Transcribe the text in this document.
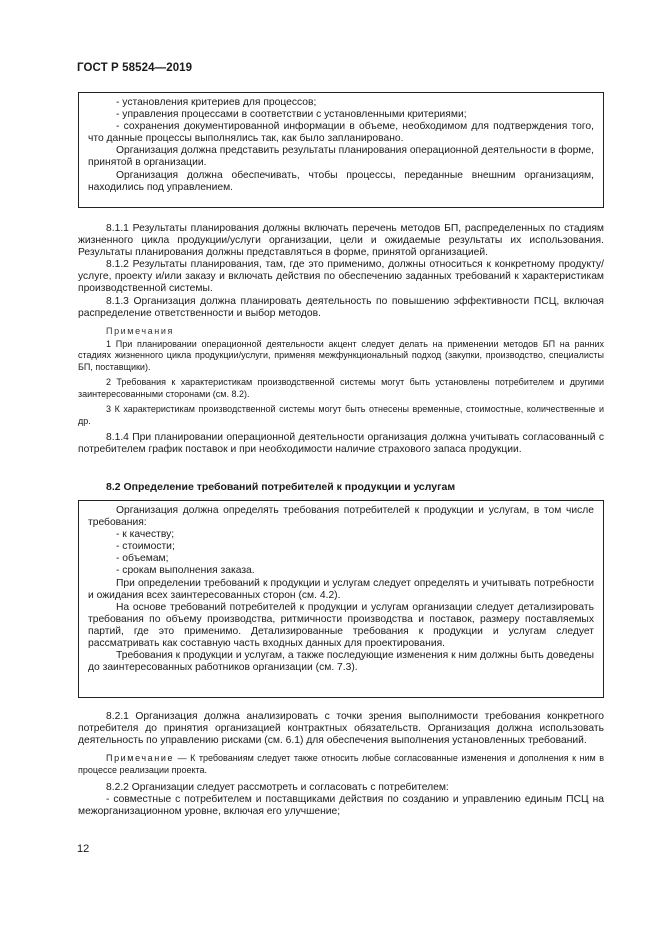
ГОСТ Р 58524—2019

- установления критериев для процессов;

- управления процессами в соответствии с установленными критериями;

- сохранения документированной информации в объеме, необходимом для подтверждения того, что данные процессы выполнялись так, как было запланировано.

Организация должна представить результаты планирования операционной деятельности в форме, принятой в организации.

Организация должна обеспечивать, чтобы процессы, переданные внешним организациям, находились под управлением.

8.1.1 Результаты планирования должны включать перечень методов БП, распределенных по стадиям жизненного цикла продукции/услуги организации, цели и ожидаемые результаты их использования. Результаты планирования должны представляться в форме, принятой организацией.

8.1.2 Результаты планирования, там, где это применимо, должны относиться к конкретному продукту/услуге, проекту и/или заказу и включать действия по обеспечению заданных требований к характеристикам производственной системы.

8.1.3 Организация должна планировать деятельность по повышению эффективности ПСЦ, включая распределение ответственности и выбор методов.

Примечания

1 При планировании операционной деятельности акцент следует делать на применении методов БП на ранних стадиях жизненного цикла продукции/услуги, применяя межфункциональный подход (закупки, производство, специалисты БП, поставщики).

2 Требования к характеристикам производственной системы могут быть установлены потребителем и другими заинтересованными сторонами (см. 8.2).

3 К характеристикам производственной системы могут быть отнесены временные, стоимостные, количественные и др.

8.1.4 При планировании операционной деятельности организация должна учитывать согласованный с потребителем график поставок и при необходимости наличие страхового запаса продукции.

8.2 Определение требований потребителей к продукции и услугам

Организация должна определять требования потребителей к продукции и услугам, в том числе требования:

- к качеству;

- стоимости;

- объемам;

- срокам выполнения заказа.

При определении требований к продукции и услугам следует определять и учитывать потребности и ожидания всех заинтересованных сторон (см. 4.2).

На основе требований потребителей к продукции и услугам организации следует детализировать требования по объему производства, ритмичности производства и поставок, размеру поставляемых партий, где это применимо. Детализированные требования к продукции и услугам следует рассматривать как составную часть входных данных для проектирования.

Требования к продукции и услугам, а также последующие изменения к ним должны быть доведены до заинтересованных работников организации (см. 7.3).

8.2.1 Организация должна анализировать с точки зрения выполнимости требования конкретного потребителя до принятия организацией контрактных обязательств. Организация должна использовать деятельность по управлению рисками (см. 6.1) для обеспечения выполнения установленных требований.

Примечание — К требованиям следует также относить любые согласованные изменения и дополнения к ним в процессе реализации проекта.

8.2.2 Организации следует рассмотреть и согласовать с потребителем:

- совместные с потребителем и поставщиками действия по созданию и управлению единым ПСЦ на межорганизационном уровне, включая его улучшение;

12
